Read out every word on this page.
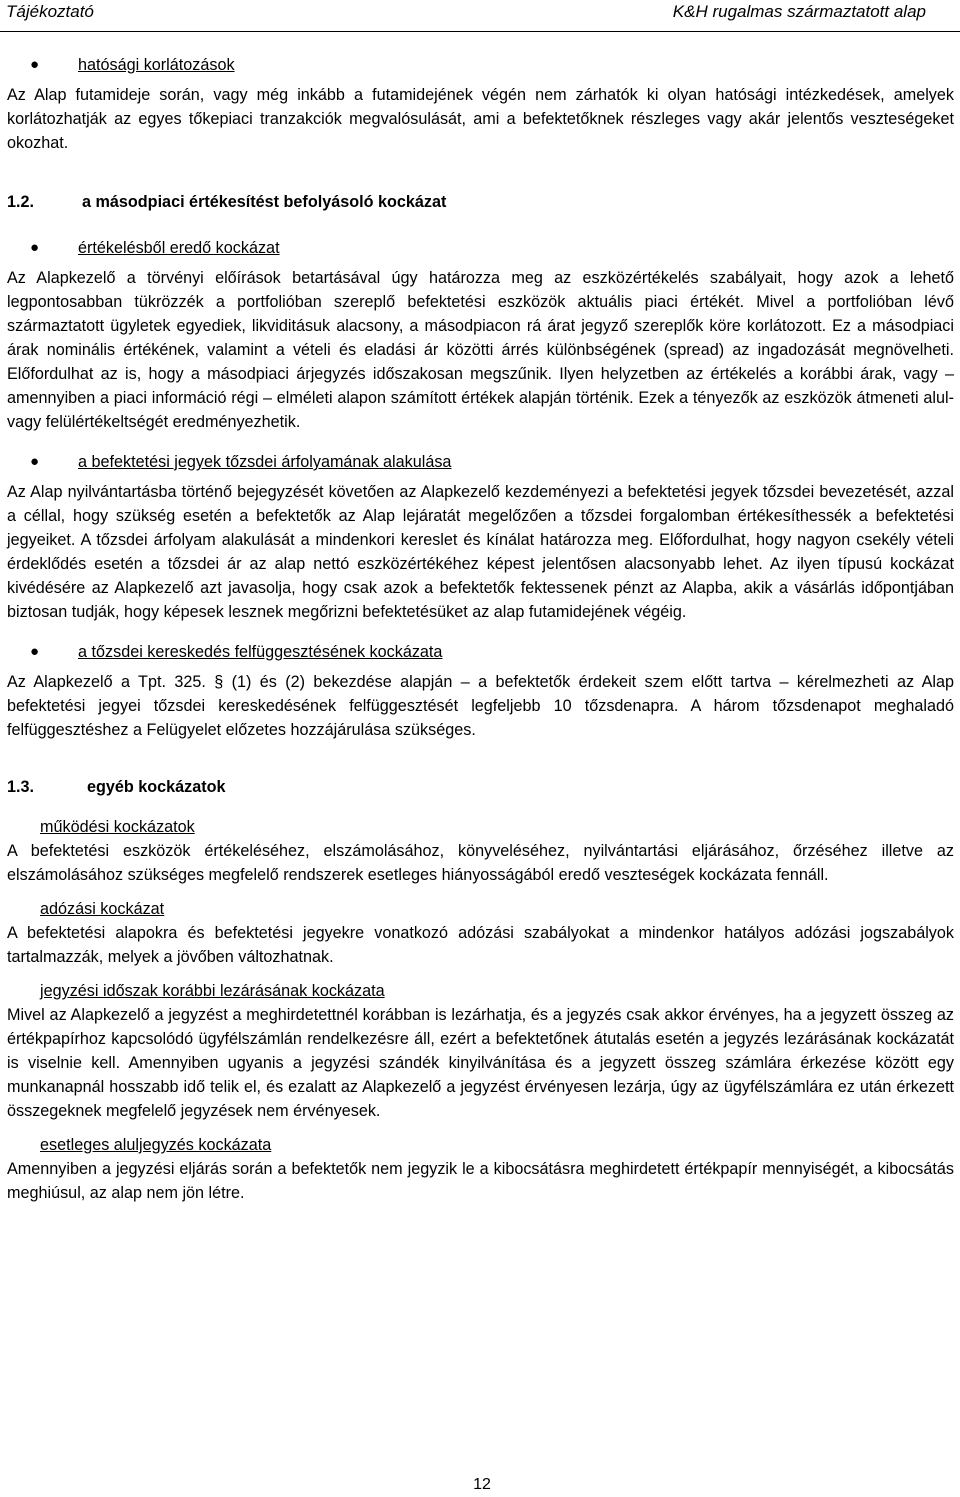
Tájékoztató	K&H rugalmas származtatott alap
● hatósági korlátozások

Az Alap futamideje során, vagy még inkább a futamidejének végén nem zárhatók ki olyan hatósági intézkedések, amelyek korlátozhatják az egyes tőkepiaci tranzakciók megvalósulását, ami a befektetőknek részleges vagy akár jelentős veszteségeket okozhat.

1.2.	a másodpiaci értékesítést befolyásoló kockázat
● értékelésből eredő kockázat

Az Alapkezelő a törvényi előírások betartásával úgy határozza meg az eszközértékelés szabályait, hogy azok a lehető legpontosabban tükrözzék a portfolióban szereplő befektetési eszközök aktuális piaci értékét. Mivel a portfolióban lévő származtatott ügyletek egyediek, likviditásuk alacsony, a másodpiacon rá árat jegyző szereplők köre korlátozott. Ez a másodpiaci árak nominális értékének, valamint a vételi és eladási ár közötti árrés különbségének (spread) az ingadozását megnövelheti. Előfordulhat az is, hogy a másodpiaci árjegyzés időszakosan megszűnik. Ilyen helyzetben az értékelés a korábbi árak, vagy – amennyiben a piaci információ régi – elméleti alapon számított értékek alapján történik. Ezek a tényezők az eszközök átmeneti alul- vagy felülértékeltségét eredményezhetik.

● a befektetési jegyek tőzsdei árfolyamának alakulása

Az Alap nyilvántartásba történő bejegyzését követően az Alapkezelő kezdeményezi a befektetési jegyek tőzsdei bevezetését, azzal a céllal, hogy szükség esetén a befektetők az Alap lejáratát megelőzően a tőzsdei forgalomban értékesíthessék a befektetési jegyeiket. A tőzsdei árfolyam alakulását a mindenkori kereslet és kínálat határozza meg. Előfordulhat, hogy nagyon csekély vételi érdeklődés esetén a tőzsdei ár az alap nettó eszközértékéhez képest jelentősen alacsonyabb lehet. Az ilyen típusú kockázat kivédésére az Alapkezelő azt javasolja, hogy csak azok a befektetők fektessenek pénzt az Alapba, akik a vásárlás időpontjában biztosan tudják, hogy képesek lesznek megőrizni befektetésüket az alap futamidejének végéig.

● a tőzsdei kereskedés felfüggesztésének kockázata

Az Alapkezelő a Tpt. 325. § (1) és (2) bekezdése alapján – a befektetők érdekeit szem előtt tartva – kérelmezheti az Alap befektetési jegyei tőzsdei kereskedésének felfüggesztését legfeljebb 10 tőzsdenapra. A három tőzsdenapot meghaladó felfüggesztéshez a Felügyelet előzetes hozzájárulása szükséges.

1.3.	egyéb kockázatok
működési kockázatok

A befektetési eszközök értékeléséhez, elszámolásához, könyveléséhez, nyilvántartási eljárásához, őrzéséhez illetve az elszámolásához szükséges megfelelő rendszerek esetleges hiányosságából eredő veszteségek kockázata fennáll.

adózási kockázat

A befektetési alapokra és befektetési jegyekre vonatkozó adózási szabályokat a mindenkor hatályos adózási jogszabályok tartalmazzák, melyek a jövőben változhatnak.

jegyzési időszak korábbi lezárásának kockázata

Mivel az Alapkezelő a jegyzést a meghirdetettnél korábban is lezárhatja, és a jegyzés csak akkor érvényes, ha a jegyzett összeg az értékpapírhoz kapcsolódó ügyfélszámlán rendelkezésre áll, ezért a befektetőnek átutalás esetén a jegyzés lezárásának kockázatát is viselnie kell. Amennyiben ugyanis a jegyzési szándék kinyilvánítása és a jegyzett összeg számlára érkezése között egy munkanapnál hosszabb idő telik el, és ezalatt az Alapkezelő a jegyzést érvényesen lezárja, úgy az ügyfélszámlára ez után érkezett összegeknek megfelelő jegyzések nem érvényesek.

esetleges aluljegyzés kockázata

Amennyiben a jegyzési eljárás során a befektetők nem jegyzik le a kibocsátásra meghirdetett értékpapír mennyiségét, a kibocsátás meghiúsul, az alap nem jön létre.

12
